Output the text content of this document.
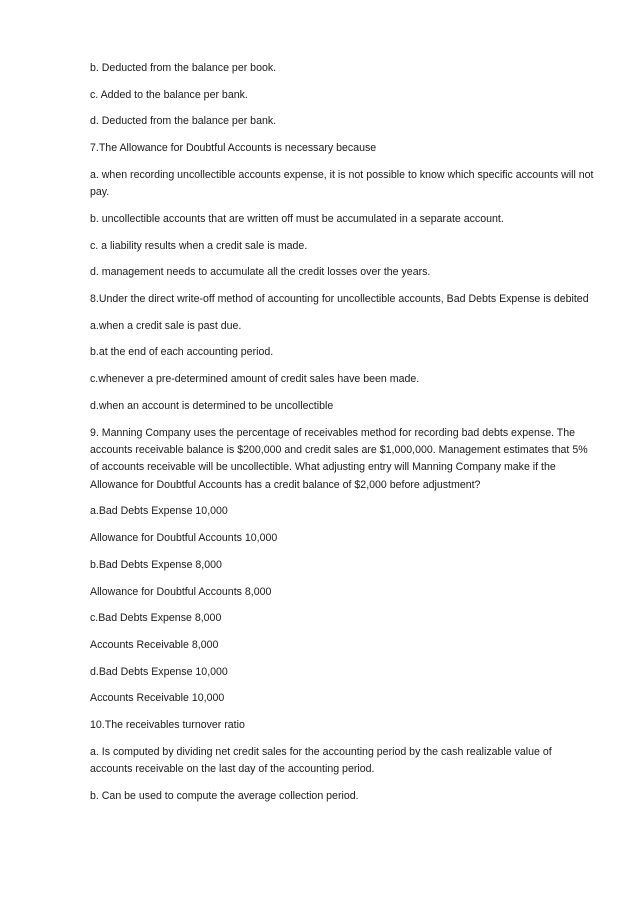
b. Deducted from the balance per book.

c. Added to the balance per bank.

d. Deducted from the balance per bank.

7.The Allowance for Doubtful Accounts is necessary because

a. when recording uncollectible accounts expense, it is not possible to know which specific accounts will not pay.

b. uncollectible accounts that are written off must be accumulated in a separate account.

c. a liability results when a credit sale is made.

d. management needs to accumulate all the credit losses over the years.

8.Under the direct write-off method of accounting for uncollectible accounts, Bad Debts Expense is debited

a.when a credit sale is past due.

b.at the end of each accounting period.

c.whenever a pre-determined amount of credit sales have been made.

d.when an account is determined to be uncollectible

9. Manning Company uses the percentage of receivables method for recording bad debts expense. The accounts receivable balance is $200,000 and credit sales are $1,000,000. Management estimates that 5% of accounts receivable will be uncollectible. What adjusting entry will Manning Company make if the Allowance for Doubtful Accounts has a credit balance of $2,000 before adjustment?

a.Bad Debts Expense 10,000

Allowance for Doubtful Accounts 10,000

b.Bad Debts Expense 8,000

Allowance for Doubtful Accounts 8,000

c.Bad Debts Expense 8,000

Accounts Receivable 8,000

d.Bad Debts Expense 10,000

Accounts Receivable 10,000

10.The receivables turnover ratio

a. Is computed by dividing net credit sales for the accounting period by the cash realizable value of accounts receivable on the last day of the accounting period.

b. Can be used to compute the average collection period.
